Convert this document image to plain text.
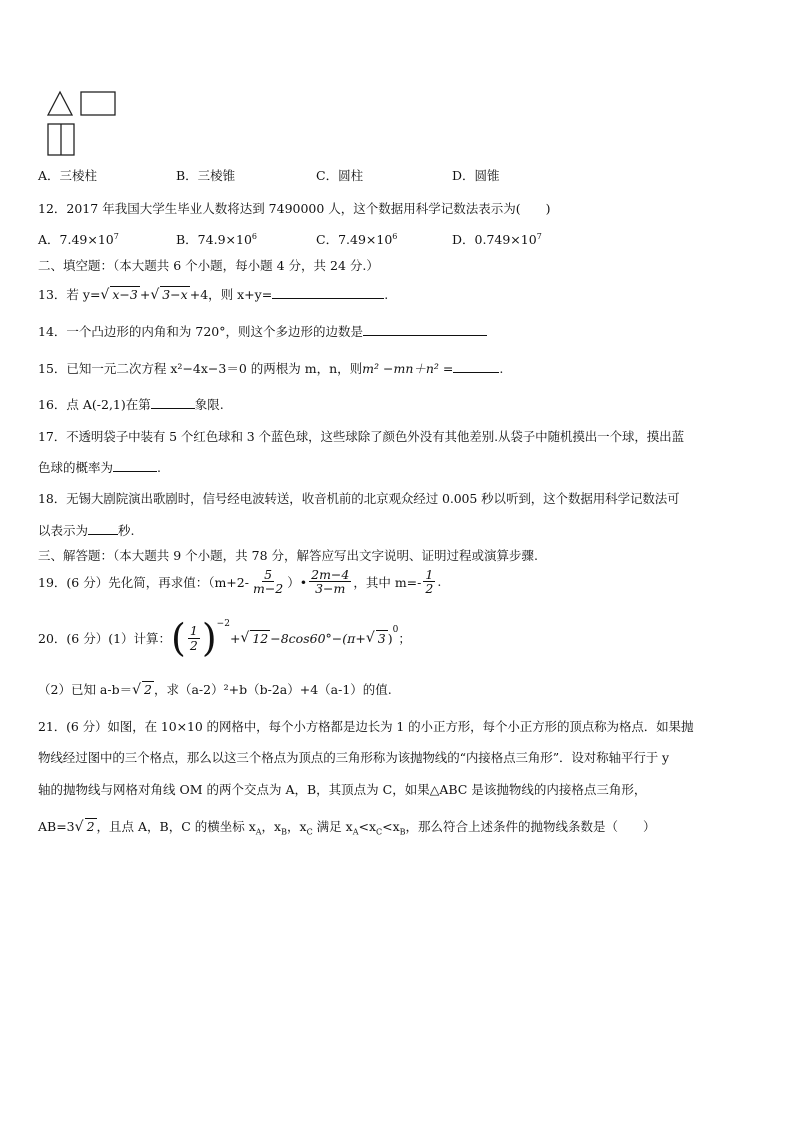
A．三棱柱	B．三棱锥	C．圆柱	D．圆锥
12．2017 年我国大学生毕业人数将达到 7490000 人，这个数据用科学记数法表示为(　　)
A．$7.49\times 10^7$	B．$74.9\times 10^6$	C．$7.49\times 10^6$	D．$0.749\times 10^7$
二、填空题：（本大题共 6 个小题，每小题 4 分，共 24 分.）
13．若 y=√ x−3 +√ 3−x +4，则 x+y=	.
14．一个凸边形的内角和为 720°，则这个多边形的边数是
15．已知一元二次方程 x²−4x−3＝0 的两根为 m，n，则m² −mn＋n² =	.
16．点 A(-2,1)在第	象限.
17．不透明袋子中装有 5 个红色球和 3 个蓝色球，这些球除了颜色外没有其他差别.从袋子中随机摸出一个球，摸出蓝
色球的概率为	.
18．无锡大剧院演出歌剧时，信号经电波转送，收音机前的北京观众经过 0.005 秒以听到，这个数据用科学记数法可
以表示为 秒.
三、解答题：（本大题共 9 个小题，共 78 分，解答应写出文字说明、证明过程或演算步骤.
19．(6 分）先化简，再求值：（$m+2- \frac{5}{m-2}$ ）• $\frac{2m-4}{3-m}$ ，其中 $m=- \frac{1}{2}$ .
20．(6 分）(1）计算： ( $\frac{1}{2} )^{-2}$
+ √ 12 −8cos60°−(π+ √ 3 )
$^0$
；
（2）已知 a-b＝√ 2 ，求（a-2）²+b（b-2a）+4（a-1）的值.
21．(6 分）如图，在 10×10 的网格中，每个小方格都是边长为 1 的小正方形，每个小正方形的顶点称为格点．如果抛
物线经过图中的三个格点，那么以这三个格点为顶点的三角形称为该抛物线的“内接格点三角形”．设对称轴平行于 y
轴的抛物线与网格对角线 OM 的两个交点为 A，B，其顶点为 C，如果△ABC 是该抛物线的内接格点三角形，
AB=3√ 2 ，且点 A，B，C 的横坐标 $x_A$，$x_B$，$x_C$ 满足 $x_A<x_C<x_B$，那么符合上述条件的抛物线条数是（　　）
